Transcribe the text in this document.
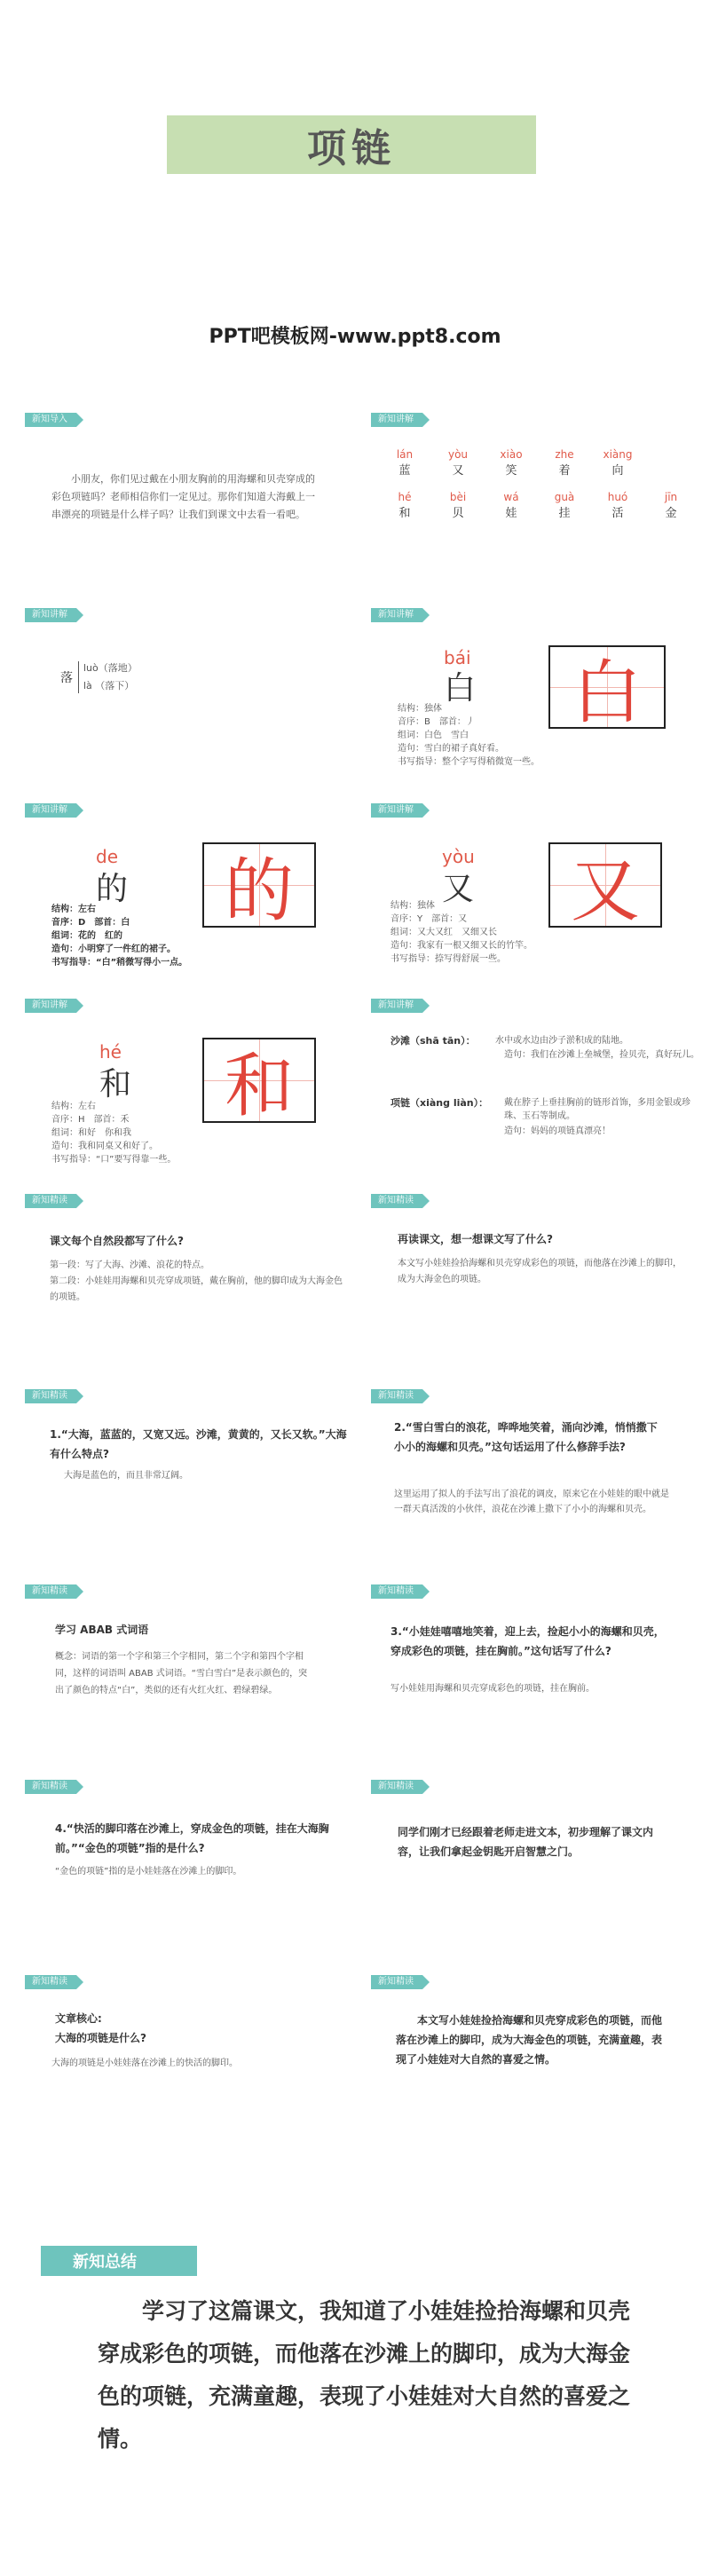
项链
PPT吧模板网-www.ppt8.com
新知导入
小朋友，你们见过戴在小朋友胸前的用海螺和贝壳穿成的彩色项链吗？老师相信你们一定见过。那你们知道大海戴上一串漂亮的项链是什么样子吗？让我们到课文中去看一看吧。
新知讲解
lán
蓝
yòu
又
xiào
笑
zhe
着
xiàng
向
hé
和
bèi
贝
wá
娃
guà
挂
huó
活
jīn
金
新知讲解
落
luò（落地）
là （落下）
新知讲解
bái
白	白
结构：独体
音序：B　部首：丿
组词：白色　雪白
造句：雪白的裙子真好看。
书写指导：整个字写得稍微宽一些。
新知讲解
de
的 的
结构：左右
音序：D　部首：白
组词：花的　红的
造句：小明穿了一件红的裙子。
书写指导：“白”稍微写得小一点。
新知讲解
yòu
又 又
结构：独体
音序：Y　部首：又
组词：又大又红　又细又长
造句：我家有一根又细又长的竹竿。
书写指导：捺写得舒展一些。
新知讲解
hé
和 和
结构：左右
音序：H　部首：禾
组词：和好　你和我
造句：我和同桌又和好了。
书写指导：“口”要写得靠一些。
新知讲解
沙滩（shā tān）： 水中或水边由沙子淤积成的陆地。
造句：我们在沙滩上垒城堡，捡贝壳，真好玩儿。
项链（xiàng liàn）： 戴在脖子上垂挂胸前的链形首饰，多用金银或珍珠、玉石等制成。
造句：妈妈的项链真漂亮！
新知精读
课文每个自然段都写了什么?
第一段：写了大海、沙滩、浪花的特点。
第二段：小娃娃用海螺和贝壳穿成项链，戴在胸前，他的脚印成为大海金色的项链。
新知精读
再读课文，想一想课文写了什么?
本文写小娃娃捡拾海螺和贝壳穿成彩色的项链，而他落在沙滩上的脚印，成为大海金色的项链。
新知精读
1.“大海，蓝蓝的，又宽又远。沙滩，黄黄的，又长又软。”大海有什么特点?
大海是蓝色的，而且非常辽阔。
新知精读
2.“雪白雪白的浪花，哗哗地笑着，涌向沙滩，悄悄撒下小小的海螺和贝壳。”这句话运用了什么修辞手法?
这里运用了拟人的手法写出了浪花的调皮，原来它在小娃娃的眼中就是一群天真活泼的小伙伴，浪花在沙滩上撒下了小小的海螺和贝壳。
新知精读
学习 ABAB 式词语
概念：词语的第一个字和第三个字相同，第二个字和第四个字相同，这样的词语叫 ABAB 式词语。“雪白雪白”是表示颜色的，突出了颜色的特点“白”，类似的还有火红火红、碧绿碧绿。
新知精读
3.“小娃娃嘻嘻地笑着，迎上去，捡起小小的海螺和贝壳，穿成彩色的项链，挂在胸前。”这句话写了什么?
写小娃娃用海螺和贝壳穿成彩色的项链，挂在胸前。
新知精读
4.“快活的脚印落在沙滩上，穿成金色的项链，挂在大海胸前。”“金色的项链”指的是什么?
“金色的项链”指的是小娃娃落在沙滩上的脚印。
新知精读
同学们刚才已经跟着老师走进文本，初步理解了课文内容，让我们拿起金钥匙开启智慧之门。
新知精读
文章核心:
大海的项链是什么?
大海的项链是小娃娃落在沙滩上的快活的脚印。
新知精读
本文写小娃娃捡拾海螺和贝壳穿成彩色的项链，而他落在沙滩上的脚印，成为大海金色的项链，充满童趣，表现了小娃娃对大自然的喜爱之情。
新知总结
学习了这篇课文，我知道了小娃娃捡拾海螺和贝壳穿成彩色的项链，而他落在沙滩上的脚印，成为大海金色的项链，充满童趣，表现了小娃娃对大自然的喜爱之情。
